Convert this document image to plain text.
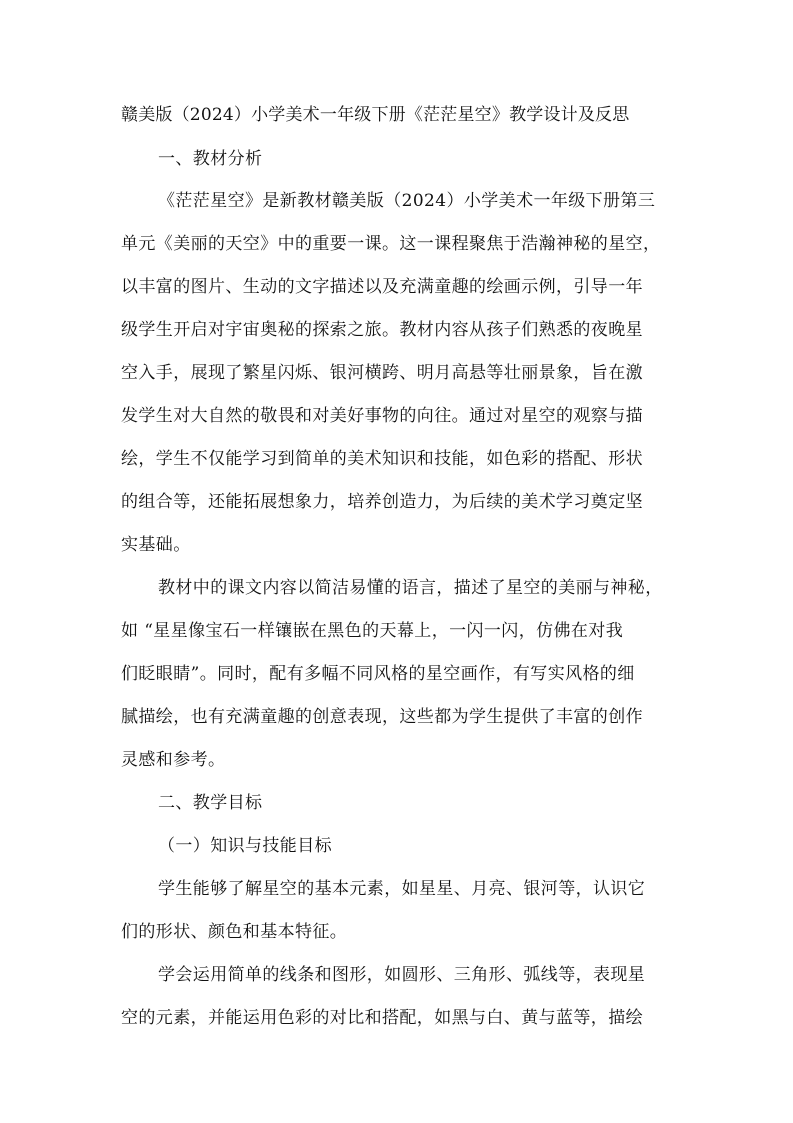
赣美版（2024）小学美术一年级下册《茫茫星空》教学设计及反思
一、教材分析
《茫茫星空》是新教材赣美版（2024）小学美术一年级下册第三
单元《美丽的天空》中的重要一课。这一课程聚焦于浩瀚神秘的星空，
以丰富的图片、生动的文字描述以及充满童趣的绘画示例，引导一年
级学生开启对宇宙奥秘的探索之旅。教材内容从孩子们熟悉的夜晚星
空入手，展现了繁星闪烁、银河横跨、明月高悬等壮丽景象，旨在激
发学生对大自然的敬畏和对美好事物的向往。通过对星空的观察与描
绘，学生不仅能学习到简单的美术知识和技能，如色彩的搭配、形状
的组合等，还能拓展想象力，培养创造力，为后续的美术学习奠定坚
实基础。
教材中的课文内容以简洁易懂的语言，描述了星空的美丽与神秘，
如 “星星像宝石一样镶嵌在黑色的天幕上，一闪一闪，仿佛在对我
们眨眼睛”。同时，配有多幅不同风格的星空画作，有写实风格的细
腻描绘，也有充满童趣的创意表现，这些都为学生提供了丰富的创作
灵感和参考。
二、教学目标
（一）知识与技能目标
学生能够了解星空的基本元素，如星星、月亮、银河等，认识它
们的形状、颜色和基本特征。
学会运用简单的线条和图形，如圆形、三角形、弧线等，表现星
空的元素，并能运用色彩的对比和搭配，如黑与白、黄与蓝等，描绘
